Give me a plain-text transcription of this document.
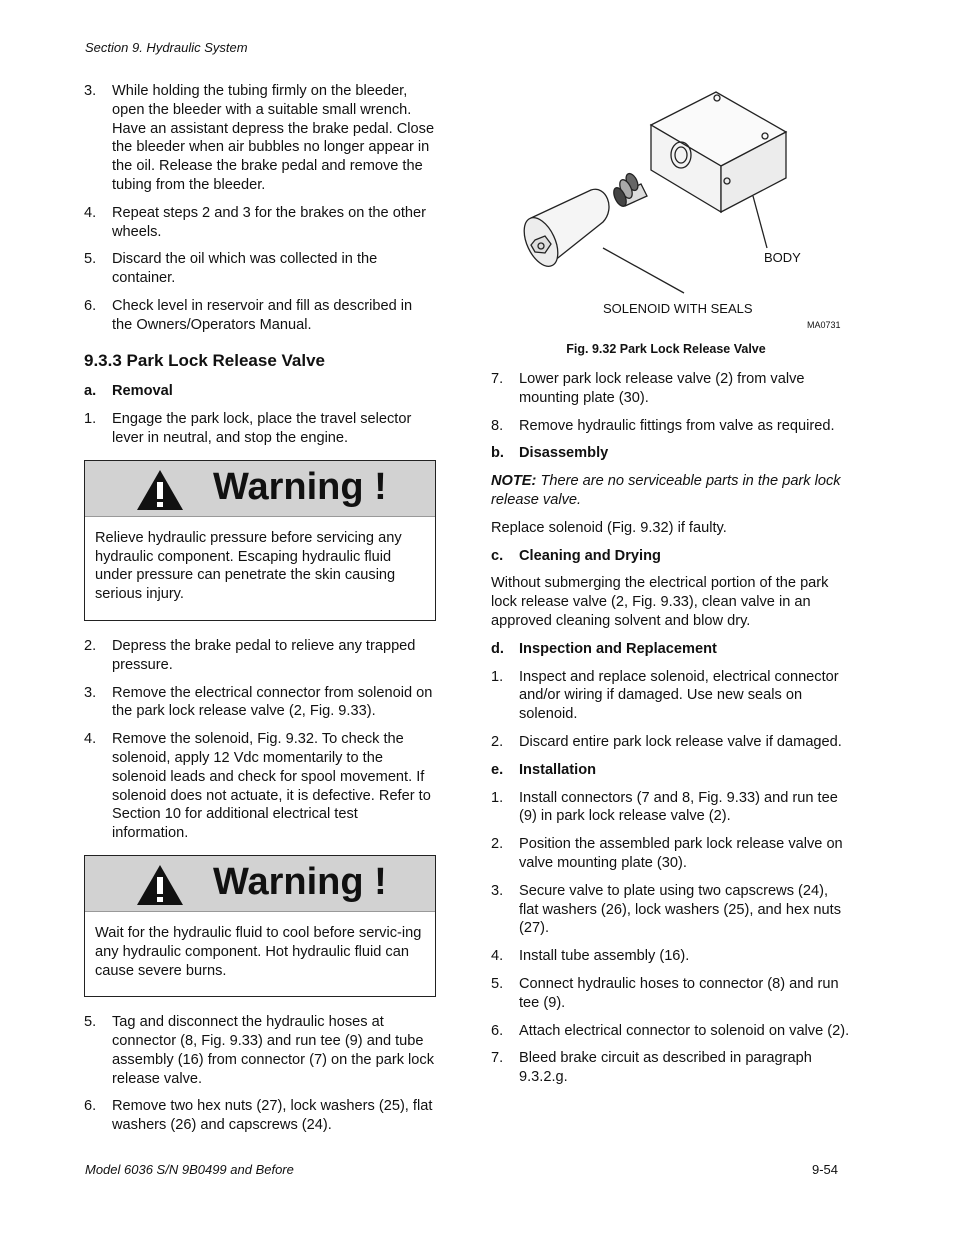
Section 9. Hydraulic System
3.	While holding the tubing firmly on the bleeder, open the bleeder with a suitable small wrench. Have an assistant depress the brake pedal. Close the bleeder when air bubbles no longer appear in the oil. Release the brake pedal and remove the tubing from the bleeder.
4.	Repeat steps 2 and 3 for the brakes on the other wheels.
5.	Discard the oil which was collected in the container.
6.	Check level in reservoir and fill as described in the Owners/Operators Manual.
9.3.3 Park Lock Release Valve
a. Removal
1.	Engage the park lock, place the travel selector lever in neutral, and stop the engine.
Warning !
Relieve hydraulic pressure before servicing any hydraulic component. Escaping hydraulic fluid under pressure can penetrate the skin causing serious injury.
2.	Depress the brake pedal to relieve any trapped pressure.
3.	Remove the electrical connector from solenoid on the park lock release valve (2, Fig. 9.33).
4.	Remove the solenoid, Fig. 9.32. To check the solenoid, apply 12 Vdc momentarily to the solenoid leads and check for spool movement. If solenoid does not actuate, it is defective. Refer to Section 10 for additional electrical test information.
Warning !
Wait for the hydraulic fluid to cool before servic-ing any hydraulic component. Hot hydraulic fluid can cause severe burns.
5.	Tag and disconnect the hydraulic hoses at connector (8, Fig. 9.33) and run tee (9) and tube assembly (16) from connector (7) on the park lock release valve.
6.	Remove two hex nuts (27), lock washers (25), flat washers (26) and capscrews (24).
BODY
SOLENOID WITH SEALS
MA0731
Fig. 9.32 Park Lock Release Valve
7.	Lower park lock release valve (2) from valve mounting plate (30).
8.	Remove hydraulic fittings from valve as required.
b. Disassembly
NOTE: There are no serviceable parts in the park lock release valve.
Replace solenoid (Fig. 9.32) if faulty.
c. Cleaning and Drying
Without submerging the electrical portion of the park lock release valve (2, Fig. 9.33), clean valve in an approved cleaning solvent and blow dry.
d. Inspection and Replacement
1.	Inspect and replace solenoid, electrical connector and/or wiring if damaged. Use new seals on solenoid.
2.	Discard entire park lock release valve if damaged.
e. Installation
1.	Install connectors (7 and 8, Fig. 9.33) and run tee (9) in park lock release valve (2).
2.	Position the assembled park lock release valve on valve mounting plate (30).
3.	Secure valve to plate using two capscrews (24), flat washers (26), lock washers (25), and hex nuts (27).
4.	Install tube assembly (16).
5.	Connect hydraulic hoses to connector (8) and run tee (9).
6.	Attach electrical connector to solenoid on valve (2).
7.	Bleed brake circuit as described in paragraph 9.3.2.g.
Model 6036 S/N 9B0499 and Before	9-54
